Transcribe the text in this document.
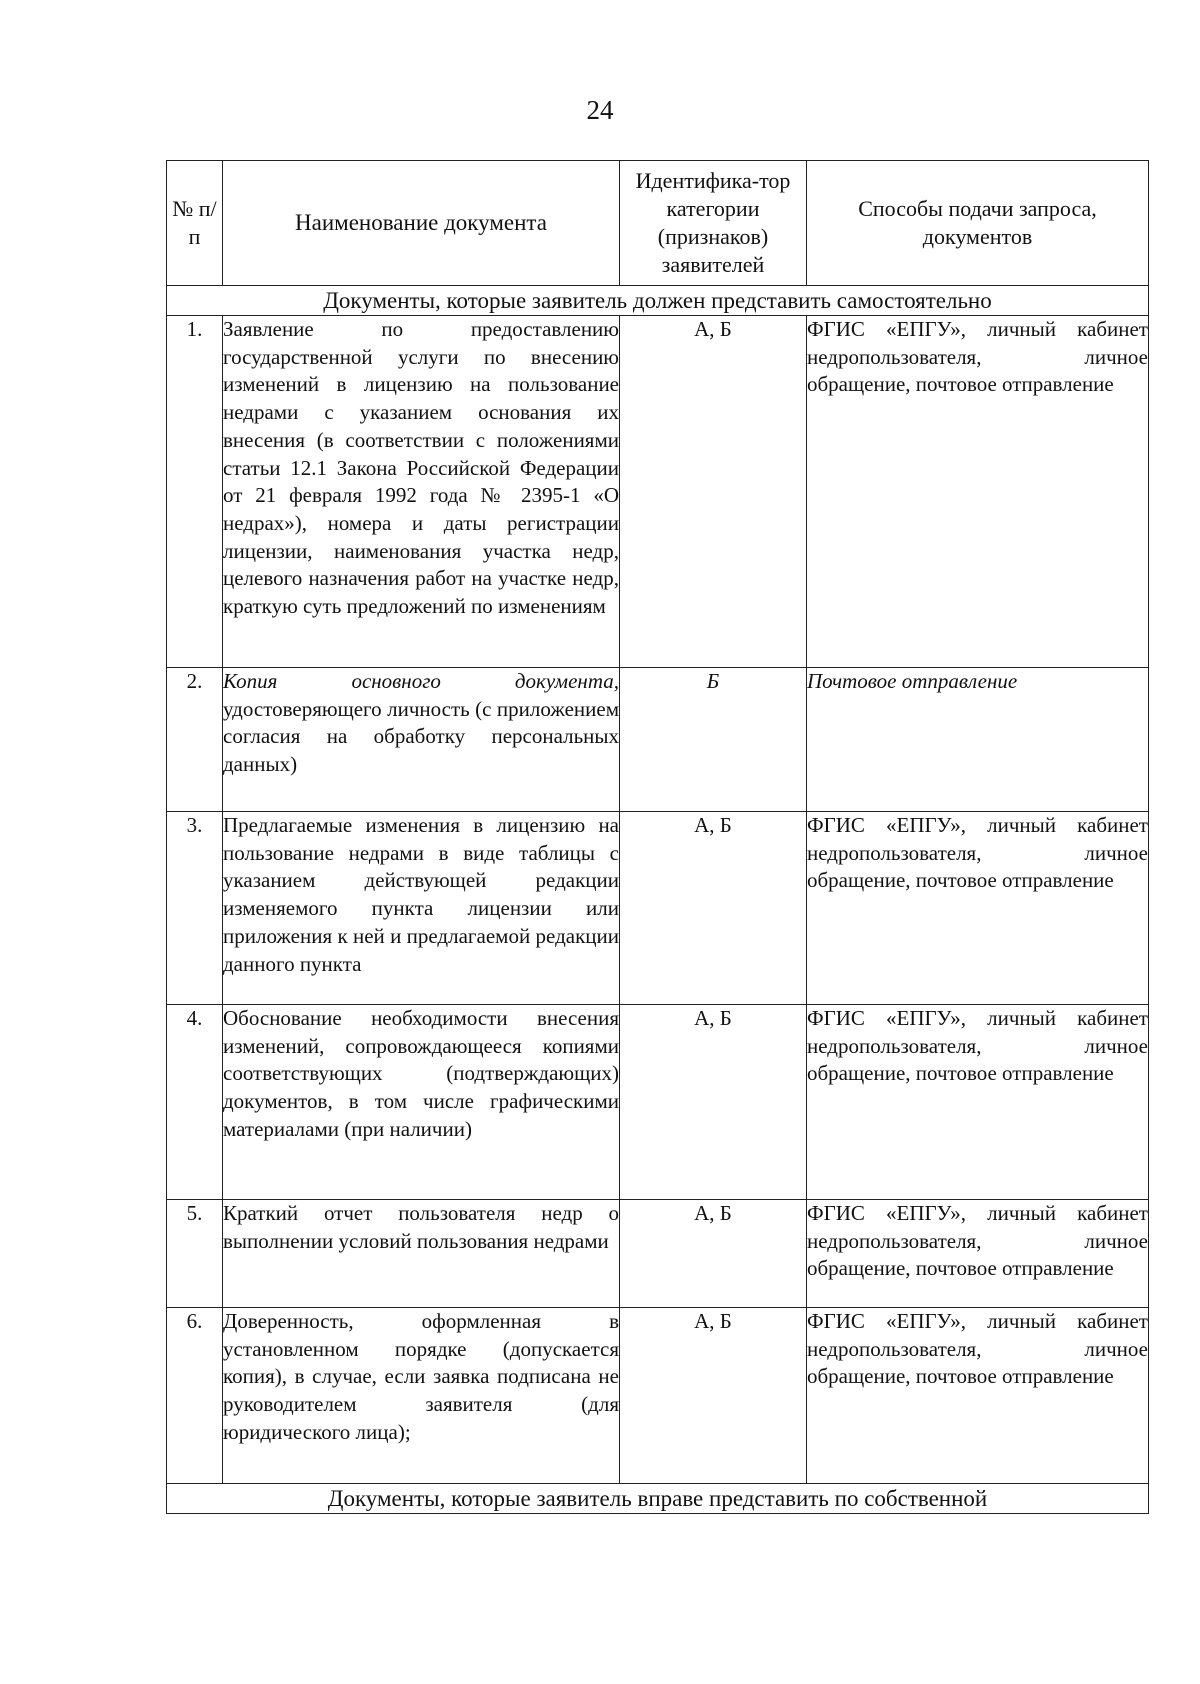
24
№ п/п	Наименование документа	Идентифика-тор категории (признаков) заявителей	Способы подачи запроса, документов
Документы, которые заявитель должен представить самостоятельно			
1.	Заявление по предоставлению государственной услуги по внесению изменений в лицензию на пользование недрами с указанием основания их внесения (в соответствии с положениями статьи 12.1 Закона Российской Федерации от 21 февраля 1992 года № 2395-1 «О недрах»), номера и даты регистрации лицензии, наименования участка недр, целевого назначения работ на участке недр, краткую суть предложений по изменениям	А, Б	ФГИС «ЕПГУ», личный кабинет недропользователя, личное обращение, почтовое отправление
2.	Копия основного документа, удостоверяющего личность (с приложением согласия на обработку персональных данных)	Б	Почтовое отправление
3.	Предлагаемые изменения в лицензию на пользование недрами в виде таблицы с указанием действующей редакции изменяемого пункта лицензии или приложения к ней и предлагаемой редакции данного пункта	А, Б	ФГИС «ЕПГУ», личный кабинет недропользователя, личное обращение, почтовое отправление
4.	Обоснование необходимости внесения изменений, сопровождающееся копиями соответствующих (подтверждающих) документов, в том числе графическими материалами (при наличии)	А, Б	ФГИС «ЕПГУ», личный кабинет недропользователя, личное обращение, почтовое отправление
5.	Краткий отчет пользователя недр о выполнении условий пользования недрами	А, Б	ФГИС «ЕПГУ», личный кабинет недропользователя, личное обращение, почтовое отправление
6.	Доверенность, оформленная в установленном порядке (допускается копия), в случае, если заявка подписана не руководителем заявителя (для юридического лица);	А, Б	ФГИС «ЕПГУ», личный кабинет недропользователя, личное обращение, почтовое отправление
Документы, которые заявитель вправе представить по собственной			
